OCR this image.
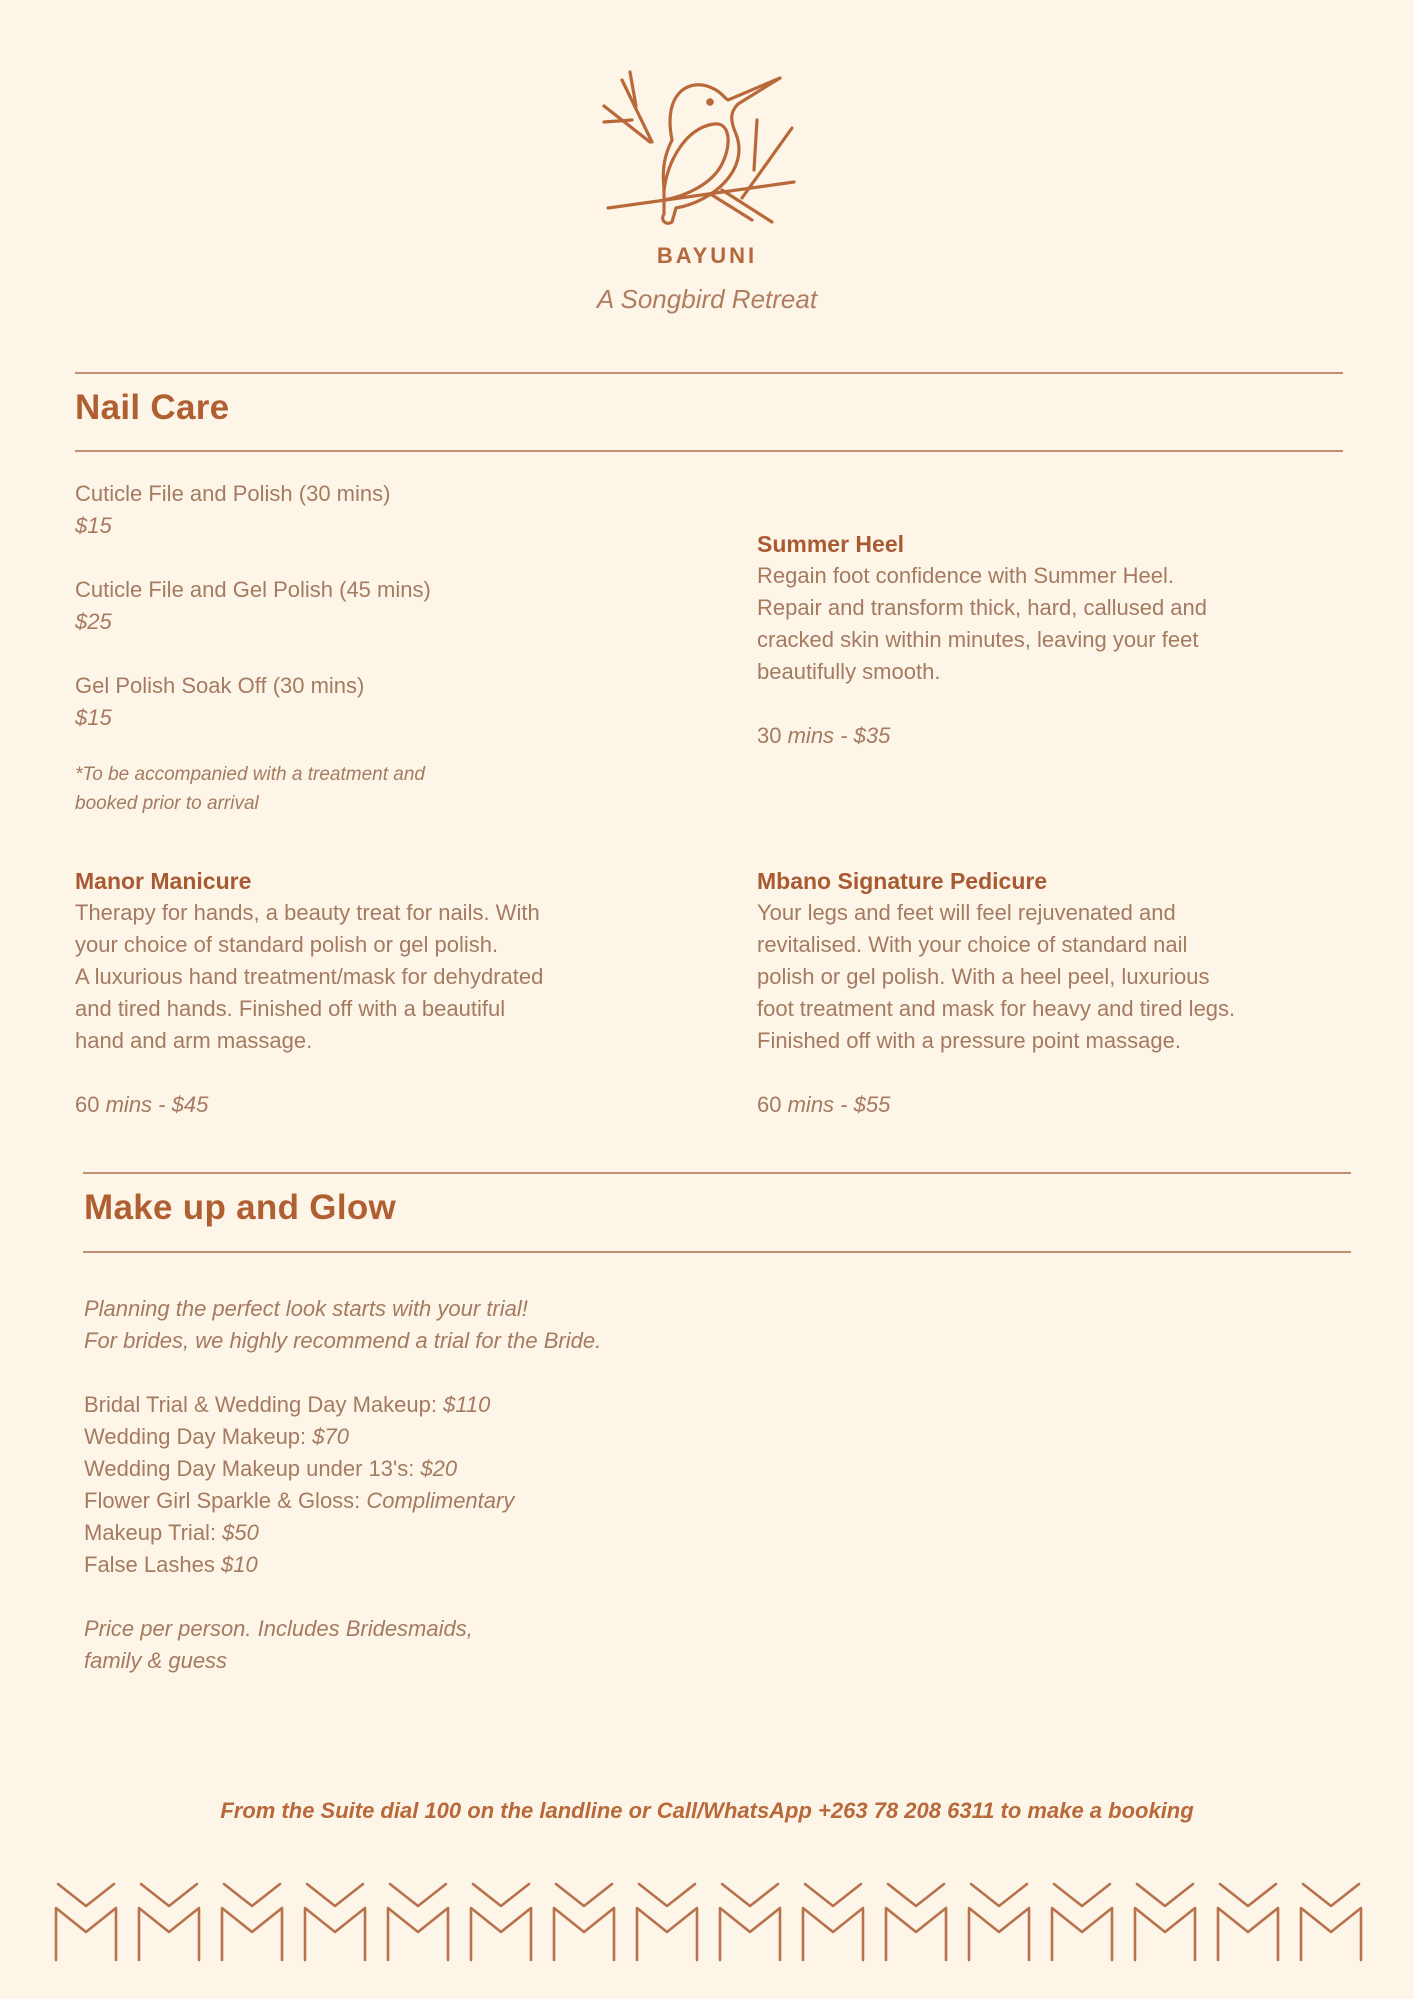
BAYUNI
A Songbird Retreat
Nail Care
Cuticle File and Polish (30 mins)
$15
Cuticle File and Gel Polish (45 mins)
$25
Gel Polish Soak Off (30 mins)
$15
*To be accompanied with a treatment and
booked prior to arrival
Summer Heel
Regain foot confidence with Summer Heel.
Repair and transform thick, hard, callused and
cracked skin within minutes, leaving your feet
beautifully smooth.
30 mins - $35
Manor Manicure
Therapy for hands, a beauty treat for nails. With
your choice of standard polish or gel polish.
A luxurious hand treatment/mask for dehydrated
and tired hands. Finished off with a beautiful
hand and arm massage.
60 mins - $45
Mbano Signature Pedicure
Your legs and feet will feel rejuvenated and
revitalised. With your choice of standard nail
polish or gel polish. With a heel peel, luxurious
foot treatment and mask for heavy and tired legs.
Finished off with a pressure point massage.
60 mins - $55
Make up and Glow
Planning the perfect look starts with your trial!
For brides, we highly recommend a trial for the Bride.
Bridal Trial & Wedding Day Makeup: $110
Wedding Day Makeup: $70
Wedding Day Makeup under 13's: $20
Flower Girl Sparkle & Gloss: Complimentary
Makeup Trial: $50
False Lashes $10
Price per person. Includes Bridesmaids,
family & guess
From the Suite dial 100 on the landline or Call/WhatsApp +263 78 208 6311 to make a booking
